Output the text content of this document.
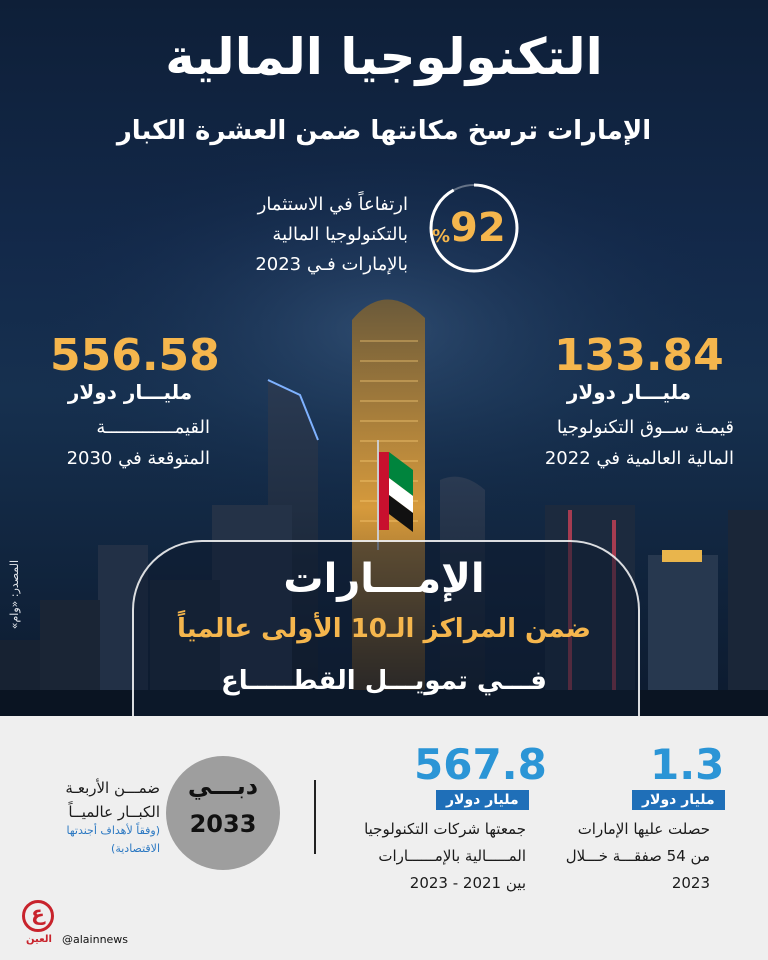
التكنولوجيا المالية
الإمارات ترسخ مكانتها ضمن العشرة الكبار
92
%
ارتفاعاً في الاستثمار
بالتكنولوجيا المالية
بالإمارات فـي 2023
133.84
مليـــار دولار
قيمـة ســوق التكنولوجيا
المالية العالمية في 2022
556.58
مليـــار دولار
القيمـــــــــــــة
المتوقعة في 2030
المصدر: «وام»	الإمـــارات
ضمن المراكز الـ10 الأولى عالمياً
فـــي تمويـــل القطـــــاع
1.3
مليار دولار
حصلت عليها الإمارات
من 54 صفقـــة خـــلال
2023
567.8
مليار دولار
جمعتها شركات التكنولوجيا
المـــــالية بالإمــــــارات
بين 2021 - 2023
دبـــي
2033
ضمـــن الأربعـة
الكبــار عالميــاً
(وفقاً لأهداف أجندتها
الاقتصادية)
ع
العين @alainnews
